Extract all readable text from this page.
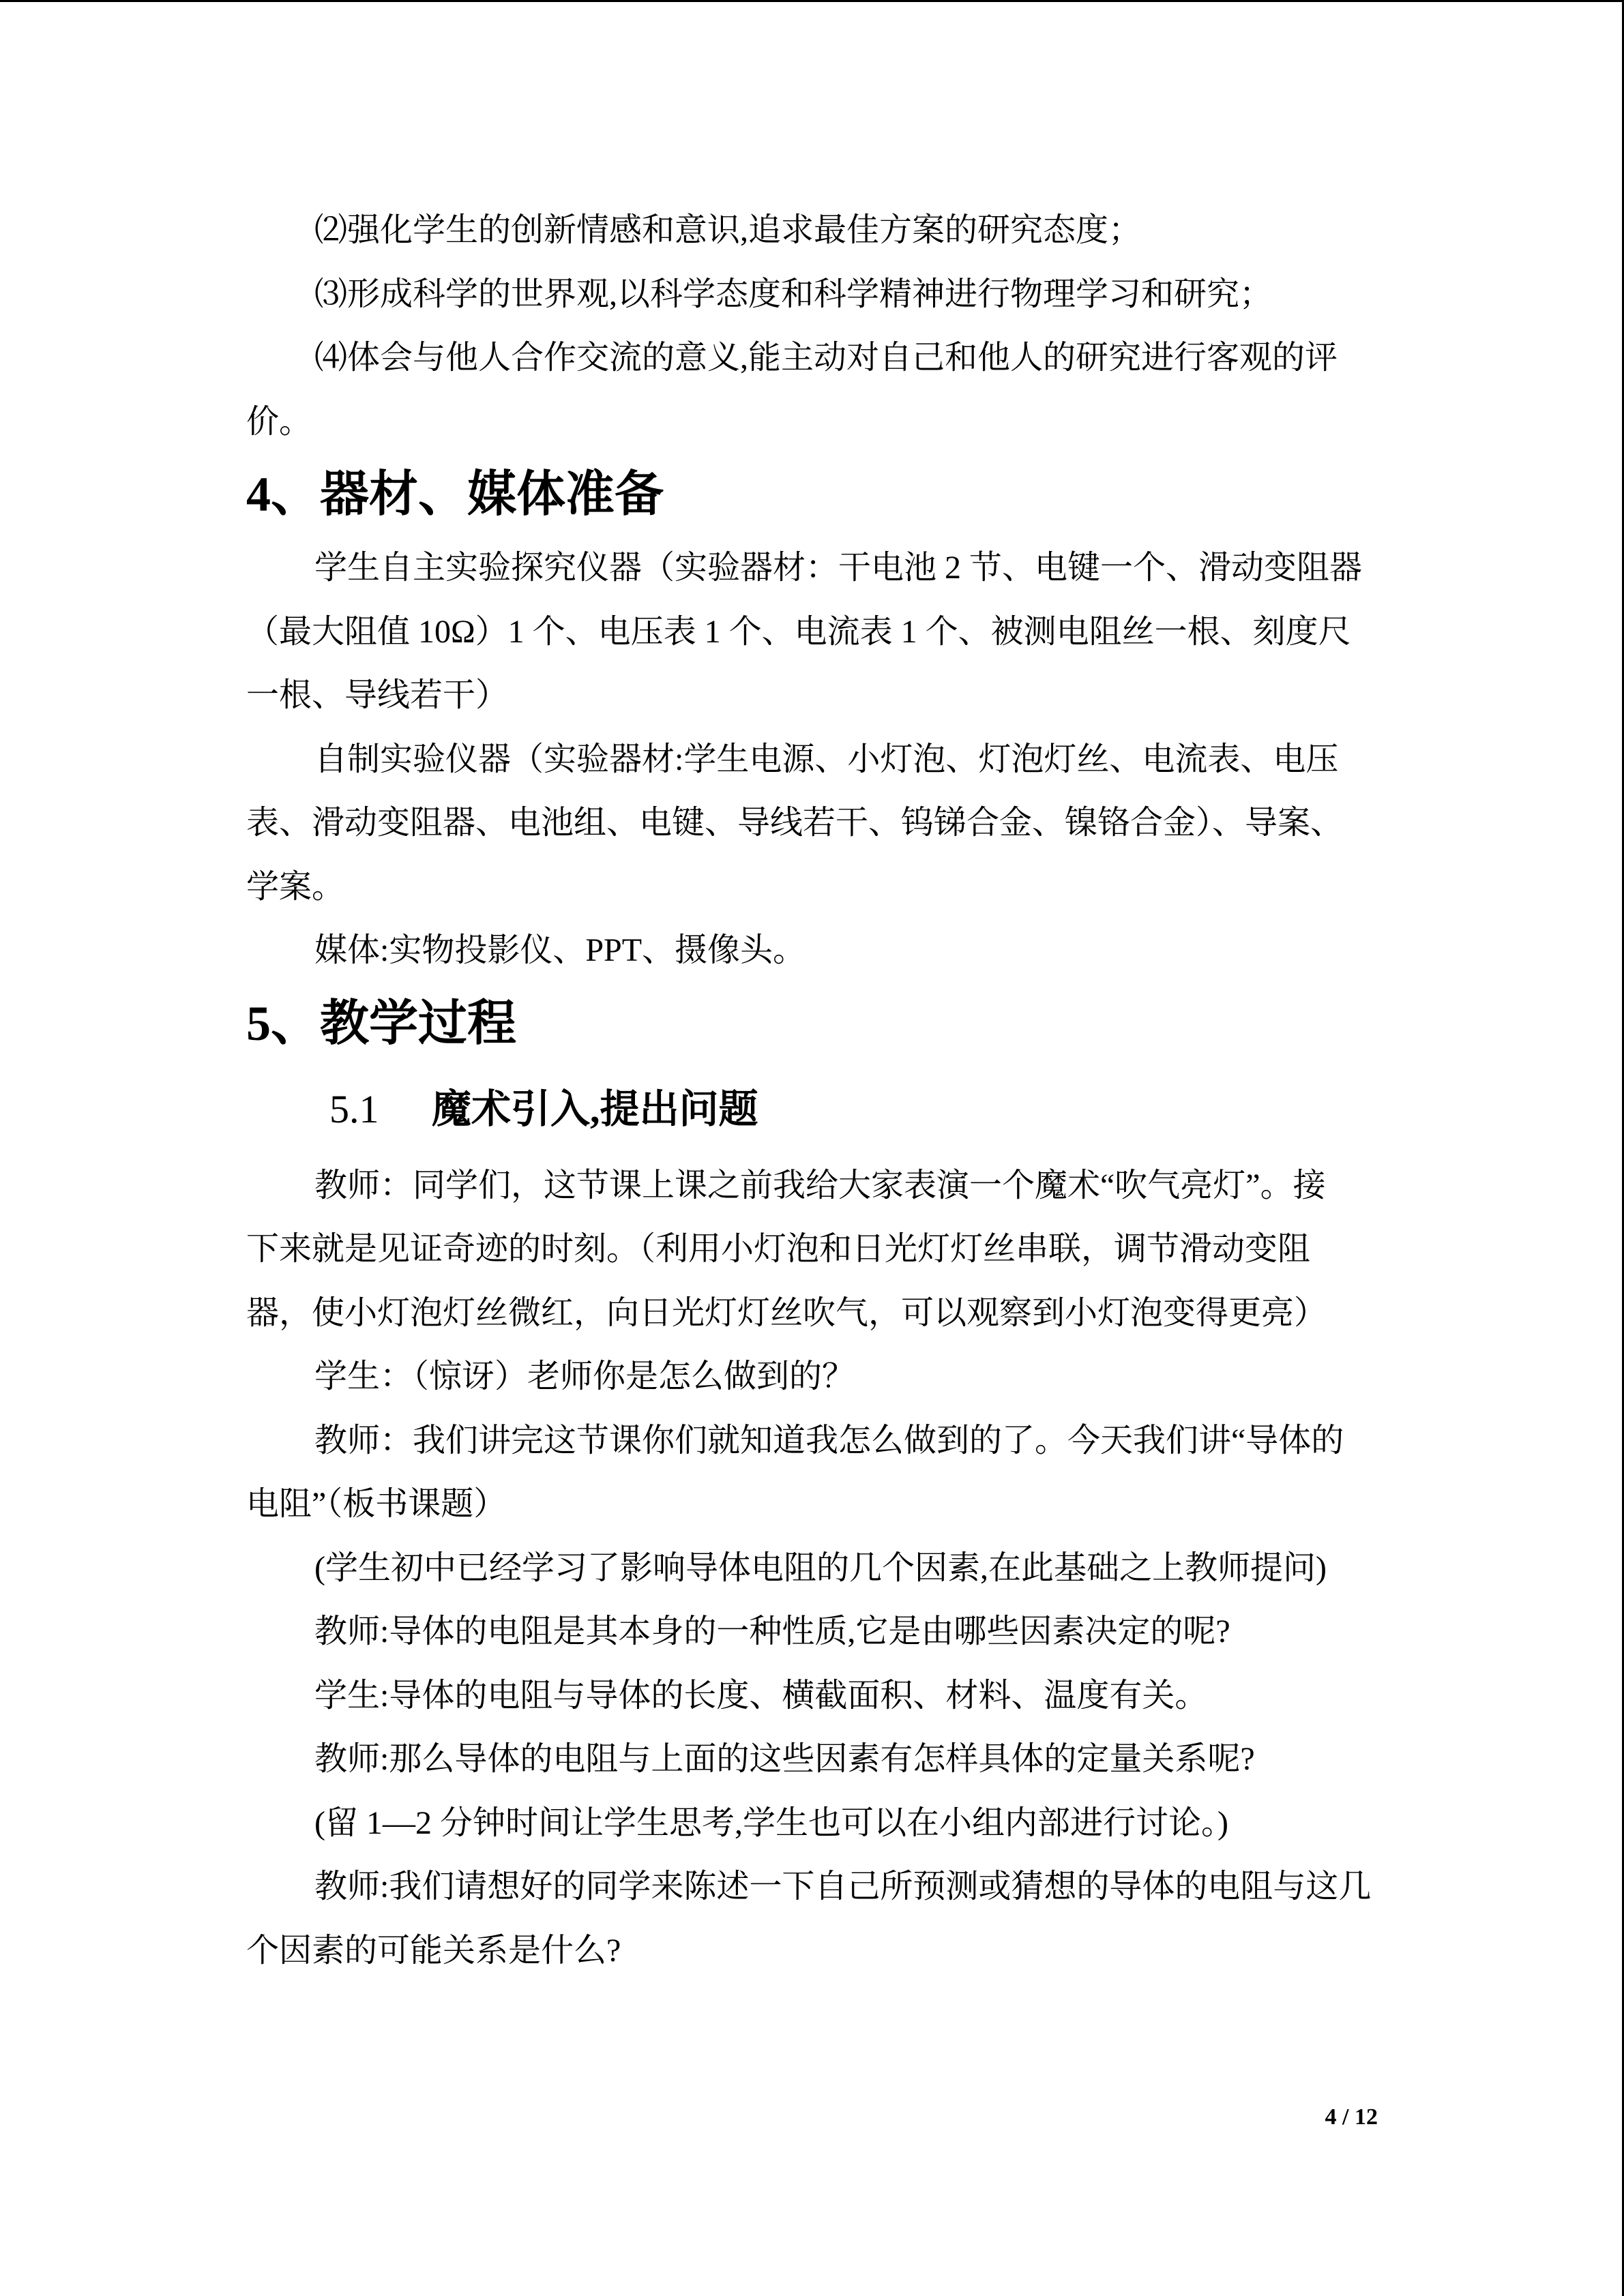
⑵强化学生的创新情感和意识,追求最佳方案的研究态度；
⑶形成科学的世界观,以科学态度和科学精神进行物理学习和研究；
⑷体会与他人合作交流的意义,能主动对自己和他人的研究进行客观的评
价。
4、器材、媒体准备
学生自主实验探究仪器（实验器材：干电池 2 节、电键一个、滑动变阻器
（最大阻值 10Ω）1 个、电压表 1 个、电流表 1 个、被测电阻丝一根、刻度尺
一根、导线若干）
自制实验仪器（实验器材:学生电源、小灯泡、灯泡灯丝、电流表、电压
表、滑动变阻器、电池组、电键、导线若干、钨锑合金、镍铬合金）、导案、
学案。
媒体:实物投影仪、PPT、摄像头。
5、教学过程
5.1 魔术引入,提出问题
教师：同学们，这节课上课之前我给大家表演一个魔术“吹气亮灯”。接
下来就是见证奇迹的时刻。（利用小灯泡和日光灯灯丝串联，调节滑动变阻
器，使小灯泡灯丝微红，向日光灯灯丝吹气，可以观察到小灯泡变得更亮）
学生：（惊讶）老师你是怎么做到的？
教师：我们讲完这节课你们就知道我怎么做到的了。今天我们讲“导体的
电阻”（板书课题）
(学生初中已经学习了影响导体电阻的几个因素,在此基础之上教师提问)
教师:导体的电阻是其本身的一种性质,它是由哪些因素决定的呢?
学生:导体的电阻与导体的长度、横截面积、材料、温度有关。
教师:那么导体的电阻与上面的这些因素有怎样具体的定量关系呢?
(留 1—2 分钟时间让学生思考,学生也可以在小组内部进行讨论。)
教师:我们请想好的同学来陈述一下自己所预测或猜想的导体的电阻与这几
个因素的可能关系是什么?
4 / 12
